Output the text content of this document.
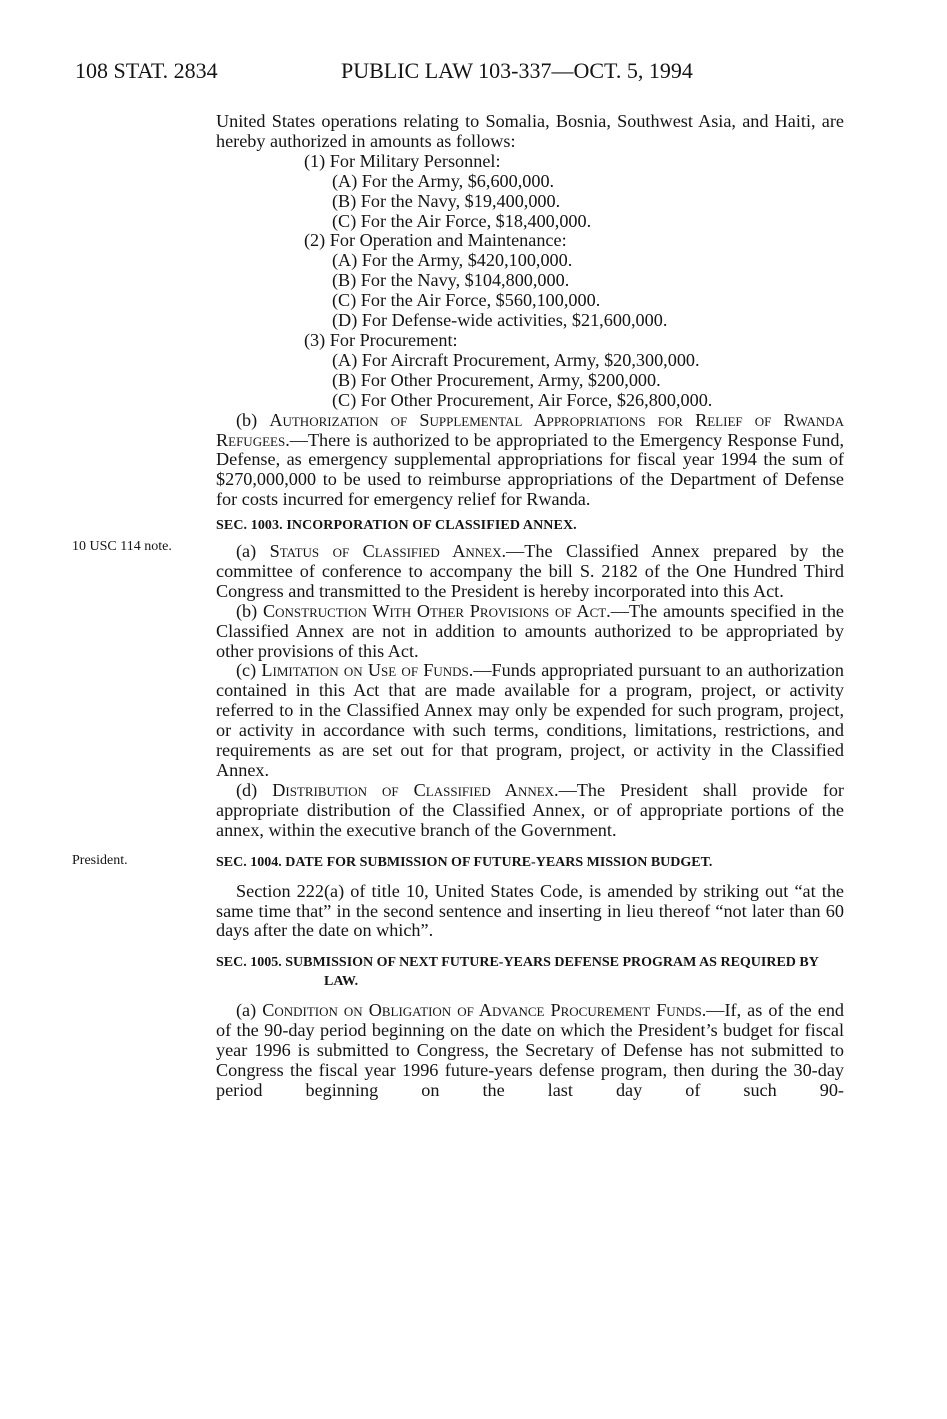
108 STAT. 2834	PUBLIC LAW 103-337—OCT. 5, 1994
10 USC 114 note.
President.

United States operations relating to Somalia, Bosnia, Southwest Asia, and Haiti, are hereby authorized in amounts as follows:

(1) For Military Personnel:

(A) For the Army, $6,600,000.

(B) For the Navy, $19,400,000.

(C) For the Air Force, $18,400,000.

(2) For Operation and Maintenance:

(A) For the Army, $420,100,000.

(B) For the Navy, $104,800,000.

(C) For the Air Force, $560,100,000.

(D) For Defense-wide activities, $21,600,000.

(3) For Procurement:

(A) For Aircraft Procurement, Army, $20,300,000.

(B) For Other Procurement, Army, $200,000.

(C) For Other Procurement, Air Force, $26,800,000.

(b) Authorization of Supplemental Appropriations for Relief of Rwanda Refugees.—There is authorized to be appropriated to the Emergency Response Fund, Defense, as emergency supplemental appropriations for fiscal year 1994 the sum of $270,000,000 to be used to reimburse appropriations of the Department of Defense for costs incurred for emergency relief for Rwanda.

SEC. 1003. INCORPORATION OF CLASSIFIED ANNEX.

(a) Status of Classified Annex.—The Classified Annex prepared by the committee of conference to accompany the bill S. 2182 of the One Hundred Third Congress and transmitted to the President is hereby incorporated into this Act.

(b) Construction With Other Provisions of Act.—The amounts specified in the Classified Annex are not in addition to amounts authorized to be appropriated by other provisions of this Act.

(c) Limitation on Use of Funds.—Funds appropriated pursuant to an authorization contained in this Act that are made available for a program, project, or activity referred to in the Classified Annex may only be expended for such program, project, or activity in accordance with such terms, conditions, limitations, restrictions, and requirements as are set out for that program, project, or activity in the Classified Annex.

(d) Distribution of Classified Annex.—The President shall provide for appropriate distribution of the Classified Annex, or of appropriate portions of the annex, within the executive branch of the Government.

SEC. 1004. DATE FOR SUBMISSION OF FUTURE-YEARS MISSION BUDGET.

Section 222(a) of title 10, United States Code, is amended by striking out “at the same time that” in the second sentence and inserting in lieu thereof “not later than 60 days after the date on which”.

SEC. 1005. SUBMISSION OF NEXT FUTURE-YEARS DEFENSE PROGRAM AS REQUIRED BY LAW.

(a) Condition on Obligation of Advance Procurement Funds.—If, as of the end of the 90-day period beginning on the date on which the President’s budget for fiscal year 1996 is submitted to Congress, the Secretary of Defense has not submitted to Congress the fiscal year 1996 future-years defense program, then during the 30-day period beginning on the last day of such 90-
